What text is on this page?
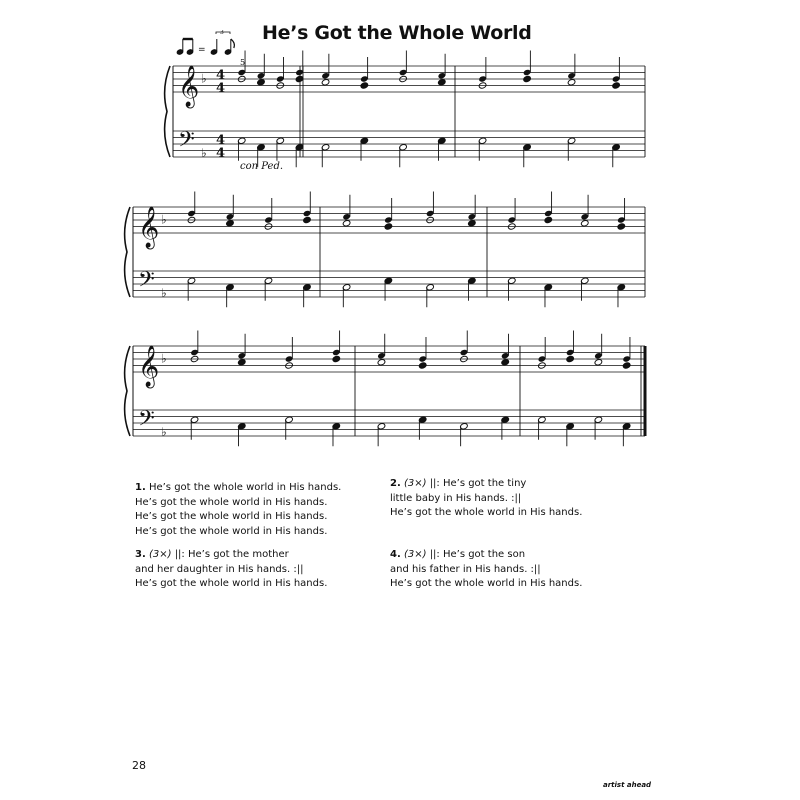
=
3 He’s Got the Whole World
5
con Ped.
𝄞
𝄢
♭
♭
4
4
4
4
𝄞
𝄢
♭
♭
𝄞
𝄢
♭
♭
1. He’s got the whole world in His hands.
He’s got the whole world in His hands.
He’s got the whole world in His hands.
He’s got the whole world in His hands.
2. (3×) ||: He’s got the tiny
little baby in His hands. :||
He’s got the whole world in His hands.
3. (3×) ||: He’s got the mother
and her daughter in His hands. :||
He’s got the whole world in His hands.
4. (3×) ||: He’s got the son
and his father in His hands. :||
He’s got the whole world in His hands.
28
artist ahead
